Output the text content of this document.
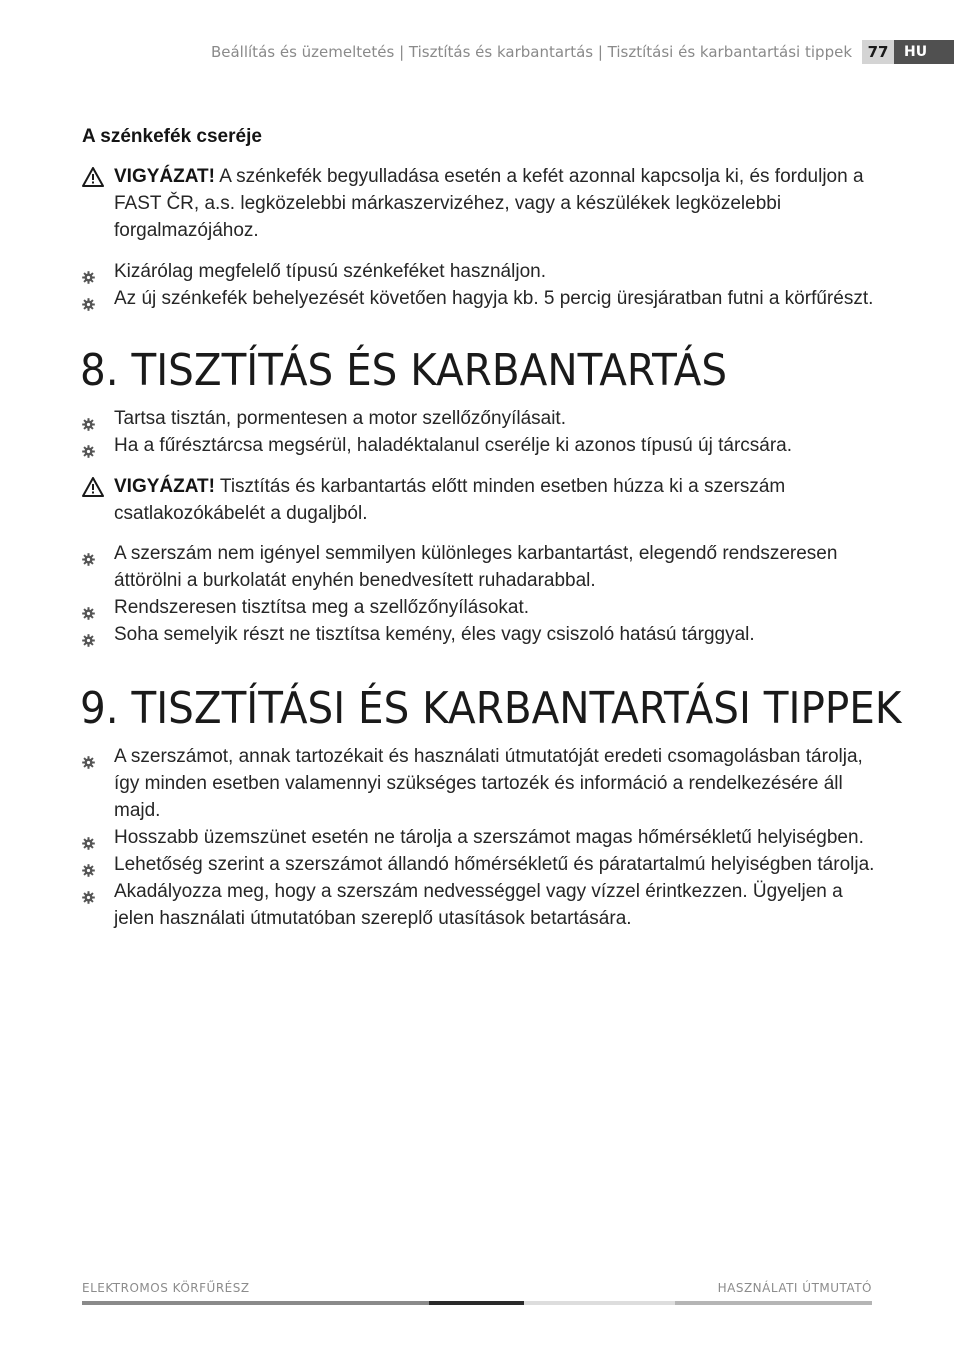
Beállítás és üzemeltetés | Tisztítás és karbantartás | Tisztítási és karbantartási tippek	77	HU
A szénkefék cseréje
VIGYÁZAT! A szénkefék begyulladása esetén a kefét azonnal kapcsolja ki, és forduljon a FAST ČR, a.s. legközelebbi márkaszervizéhez, vagy a készülékek legközelebbi forgalmazójához.
Kizárólag megfelelő típusú szénkeféket használjon.
Az új szénkefék behelyezését követően hagyja kb. 5 percig üresjáratban futni a körfűrészt.
8. TISZTÍTÁS ÉS KARBANTARTÁS
Tartsa tisztán, pormentesen a motor szellőzőnyílásait.
Ha a fűrésztárcsa megsérül, haladéktalanul cserélje ki azonos típusú új tárcsára.
VIGYÁZAT! Tisztítás és karbantartás előtt minden esetben húzza ki a szerszám csatlakozókábelét a dugaljból.
A szerszám nem igényel semmilyen különleges karbantartást, elegendő rendszeresen áttörölni a burkolatát enyhén benedvesített ruhadarabbal.
Rendszeresen tisztítsa meg a szellőzőnyílásokat.
Soha semelyik részt ne tisztítsa kemény, éles vagy csiszoló hatású tárggyal.
9. TISZTÍTÁSI ÉS KARBANTARTÁSI TIPPEK
A szerszámot, annak tartozékait és használati útmutatóját eredeti csomagolásban tárolja, így minden esetben valamennyi szükséges tartozék és információ a rendelkezésére áll majd.
Hosszabb üzemszünet esetén ne tárolja a szerszámot magas hőmérsékletű helyiségben.
Lehetőség szerint a szerszámot állandó hőmérsékletű és páratartalmú helyiségben tárolja.
Akadályozza meg, hogy a szerszám nedvességgel vagy vízzel érintkezzen. Ügyeljen a jelen használati útmutatóban szereplő utasítások betartására.
ELEKTROMOS KÖRFŰRÉSZ	HASZNÁLATI ÚTMUTATÓ
